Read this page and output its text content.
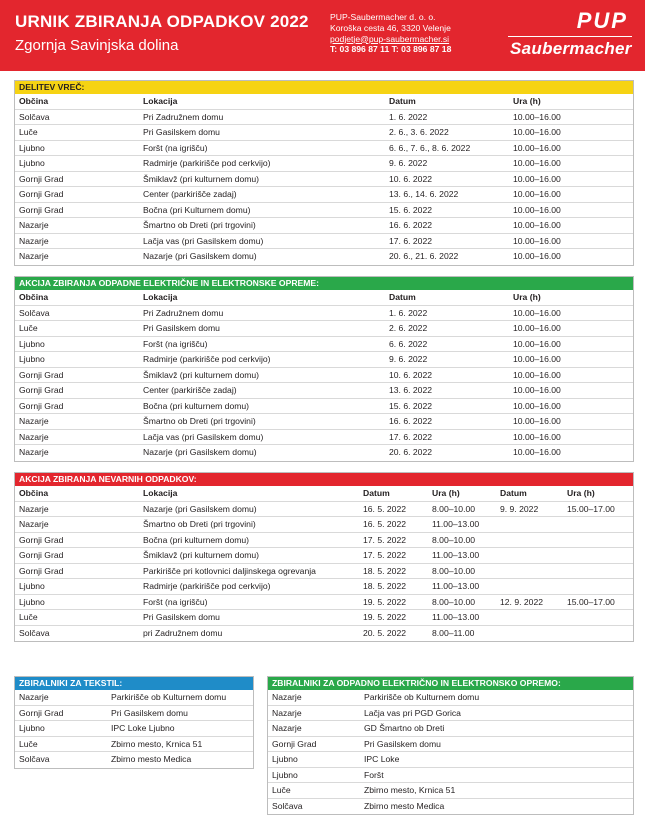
URNIK ZBIRANJA ODPADKOV 2022
Zgornja Savinjska dolina
PUP-Saubermacher d. o. o.
Koroška cesta 46, 3320 Velenje
podjetje@pup-saubermacher.si
T: 03 896 87 11 T: 03 896 87 18
PUP
Saubermacher
DELITEV VREČ:
Občina	Lokacija	Datum	Ura (h)
Solčava	Pri Zadružnem domu	1. 6. 2022	10.00–16.00
Luče	Pri Gasilskem domu	2. 6., 3. 6. 2022	10.00–16.00
Ljubno	Foršt (na igrišču)	6. 6., 7. 6., 8. 6. 2022	10.00–16.00
Ljubno	Radmirje (parkirišče pod cerkvijo)	9. 6. 2022	10.00–16.00
Gornji Grad	Šmiklavž (pri kulturnem domu)	10. 6. 2022	10.00–16.00
Gornji Grad	Center (parkirišče zadaj)	13. 6., 14. 6. 2022	10.00–16.00
Gornji Grad	Bočna (pri Kulturnem domu)	15. 6. 2022	10.00–16.00
Nazarje	Šmartno ob Dreti (pri trgovini)	16. 6. 2022	10.00–16.00
Nazarje	Lačja vas (pri Gasilskem domu)	17. 6. 2022	10.00–16.00
Nazarje	Nazarje (pri Gasilskem domu)	20. 6., 21. 6. 2022	10.00–16.00
AKCIJA ZBIRANJA ODPADNE ELEKTRIČNE IN ELEKTRONSKE OPREME:
Občina	Lokacija	Datum	Ura (h)
Solčava	Pri Zadružnem domu	1. 6. 2022	10.00–16.00
Luče	Pri Gasilskem domu	2. 6. 2022	10.00–16.00
Ljubno	Foršt (na igrišču)	6. 6. 2022	10.00–16.00
Ljubno	Radmirje (parkirišče pod cerkvijo)	9. 6. 2022	10.00–16.00
Gornji Grad	Šmiklavž (pri kulturnem domu)	10. 6. 2022	10.00–16.00
Gornji Grad	Center (parkirišče zadaj)	13. 6. 2022	10.00–16.00
Gornji Grad	Bočna (pri kulturnem domu)	15. 6. 2022	10.00–16.00
Nazarje	Šmartno ob Dreti (pri trgovini)	16. 6. 2022	10.00–16.00
Nazarje	Lačja vas (pri Gasilskem domu)	17. 6. 2022	10.00–16.00
Nazarje	Nazarje (pri Gasilskem domu)	20. 6. 2022	10.00–16.00
AKCIJA ZBIRANJA NEVARNIH ODPADKOV:
Občina	Lokacija	Datum	Ura (h)	Datum	Ura (h)
Nazarje	Nazarje (pri Gasilskem domu)	16. 5. 2022	8.00–10.00	9. 9. 2022	15.00–17.00
Nazarje	Šmartno ob Dreti (pri trgovini)	16. 5. 2022	11.00–13.00
Gornji Grad	Bočna (pri kulturnem domu)	17. 5. 2022	8.00–10.00
Gornji Grad	Šmiklavž (pri kulturnem domu)	17. 5. 2022	11.00–13.00
Gornji Grad	Parkirišče pri kotlovnici daljinskega ogrevanja	18. 5. 2022	8.00–10.00
Ljubno	Radmirje (parkirišče pod cerkvijo)	18. 5. 2022	11.00–13.00
Ljubno	Foršt (na igrišču)	19. 5. 2022	8.00–10.00	12. 9. 2022	15.00–17.00
Luče	Pri Gasilskem domu	19. 5. 2022	11.00–13.00
Solčava	pri Zadružnem domu	20. 5. 2022	8.00–11.00
ZBIRALNIKI ZA TEKSTIL:
Nazarje	Parkirišče ob Kulturnem domu
Gornji Grad	Pri Gasilskem domu
Ljubno	IPC Loke Ljubno
Luče	Zbirno mesto, Krnica 51
Solčava	Zbirno mesto Medica
ZBIRALNIKI ZA ODPADNO ELEKTRIČNO IN ELEKTRONSKO OPREMO:
Nazarje	Parkirišče ob Kulturnem domu
Nazarje	Lačja vas pri PGD Gorica
Nazarje	GD Šmartno ob Dreti
Gornji Grad	Pri Gasilskem domu
Ljubno	IPC Loke
Ljubno	Foršt
Luče	Zbirno mesto, Krnica 51
Solčava	Zbirno mesto Medica
